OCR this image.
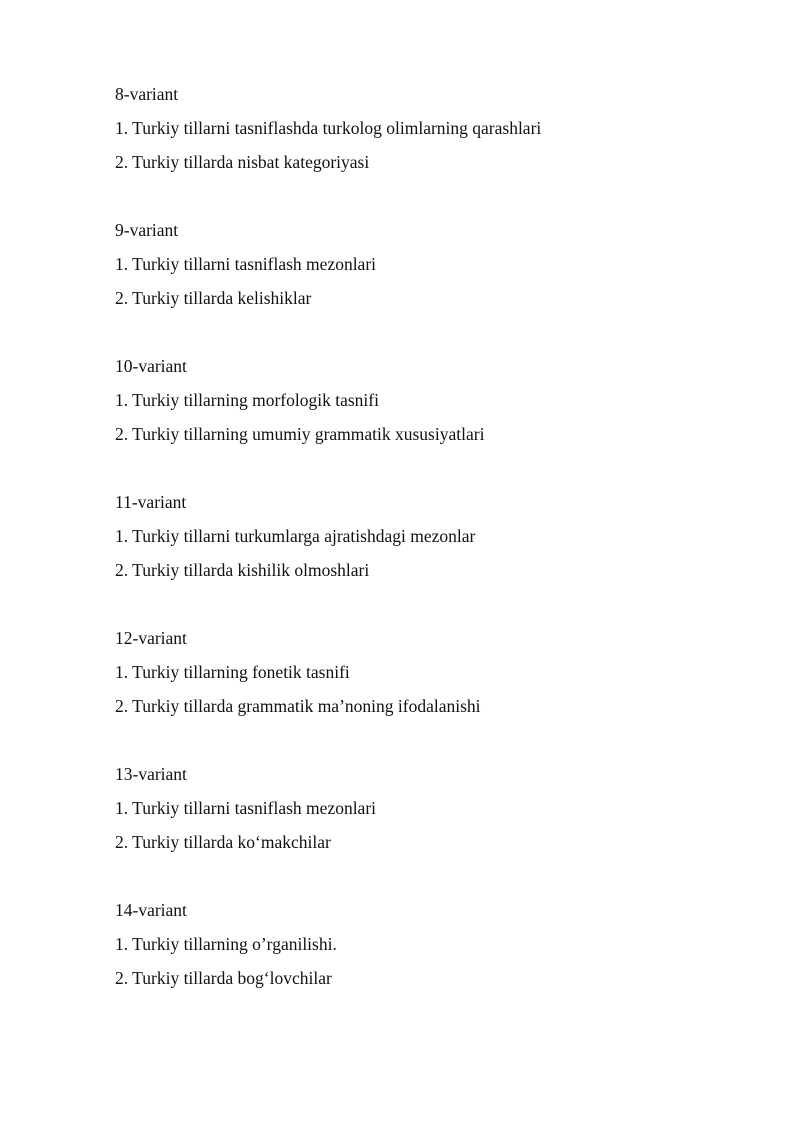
8-variant
1. Turkiy tillarni tasniflashda turkolog olimlarning qarashlari
2. Turkiy tillarda nisbat kategoriyasi
9-variant
1. Turkiy tillarni tasniflash mezonlari
2. Turkiy tillarda kelishiklar
10-variant
1. Turkiy tillarning morfologik tasnifi
2. Turkiy tillarning umumiy grammatik xususiyatlari
11-variant
1. Turkiy tillarni turkumlarga ajratishdagi mezonlar
2. Turkiy tillarda kishilik olmoshlari
12-variant
1. Turkiy tillarning fonetik tasnifi
2. Turkiy tillarda grammatik ma’noning ifodalanishi
13-variant
1. Turkiy tillarni tasniflash mezonlari
2. Turkiy tillarda ko‘makchilar
14-variant
1. Turkiy tillarning o’rganilishi.
2. Turkiy tillarda bog‘lovchilar
